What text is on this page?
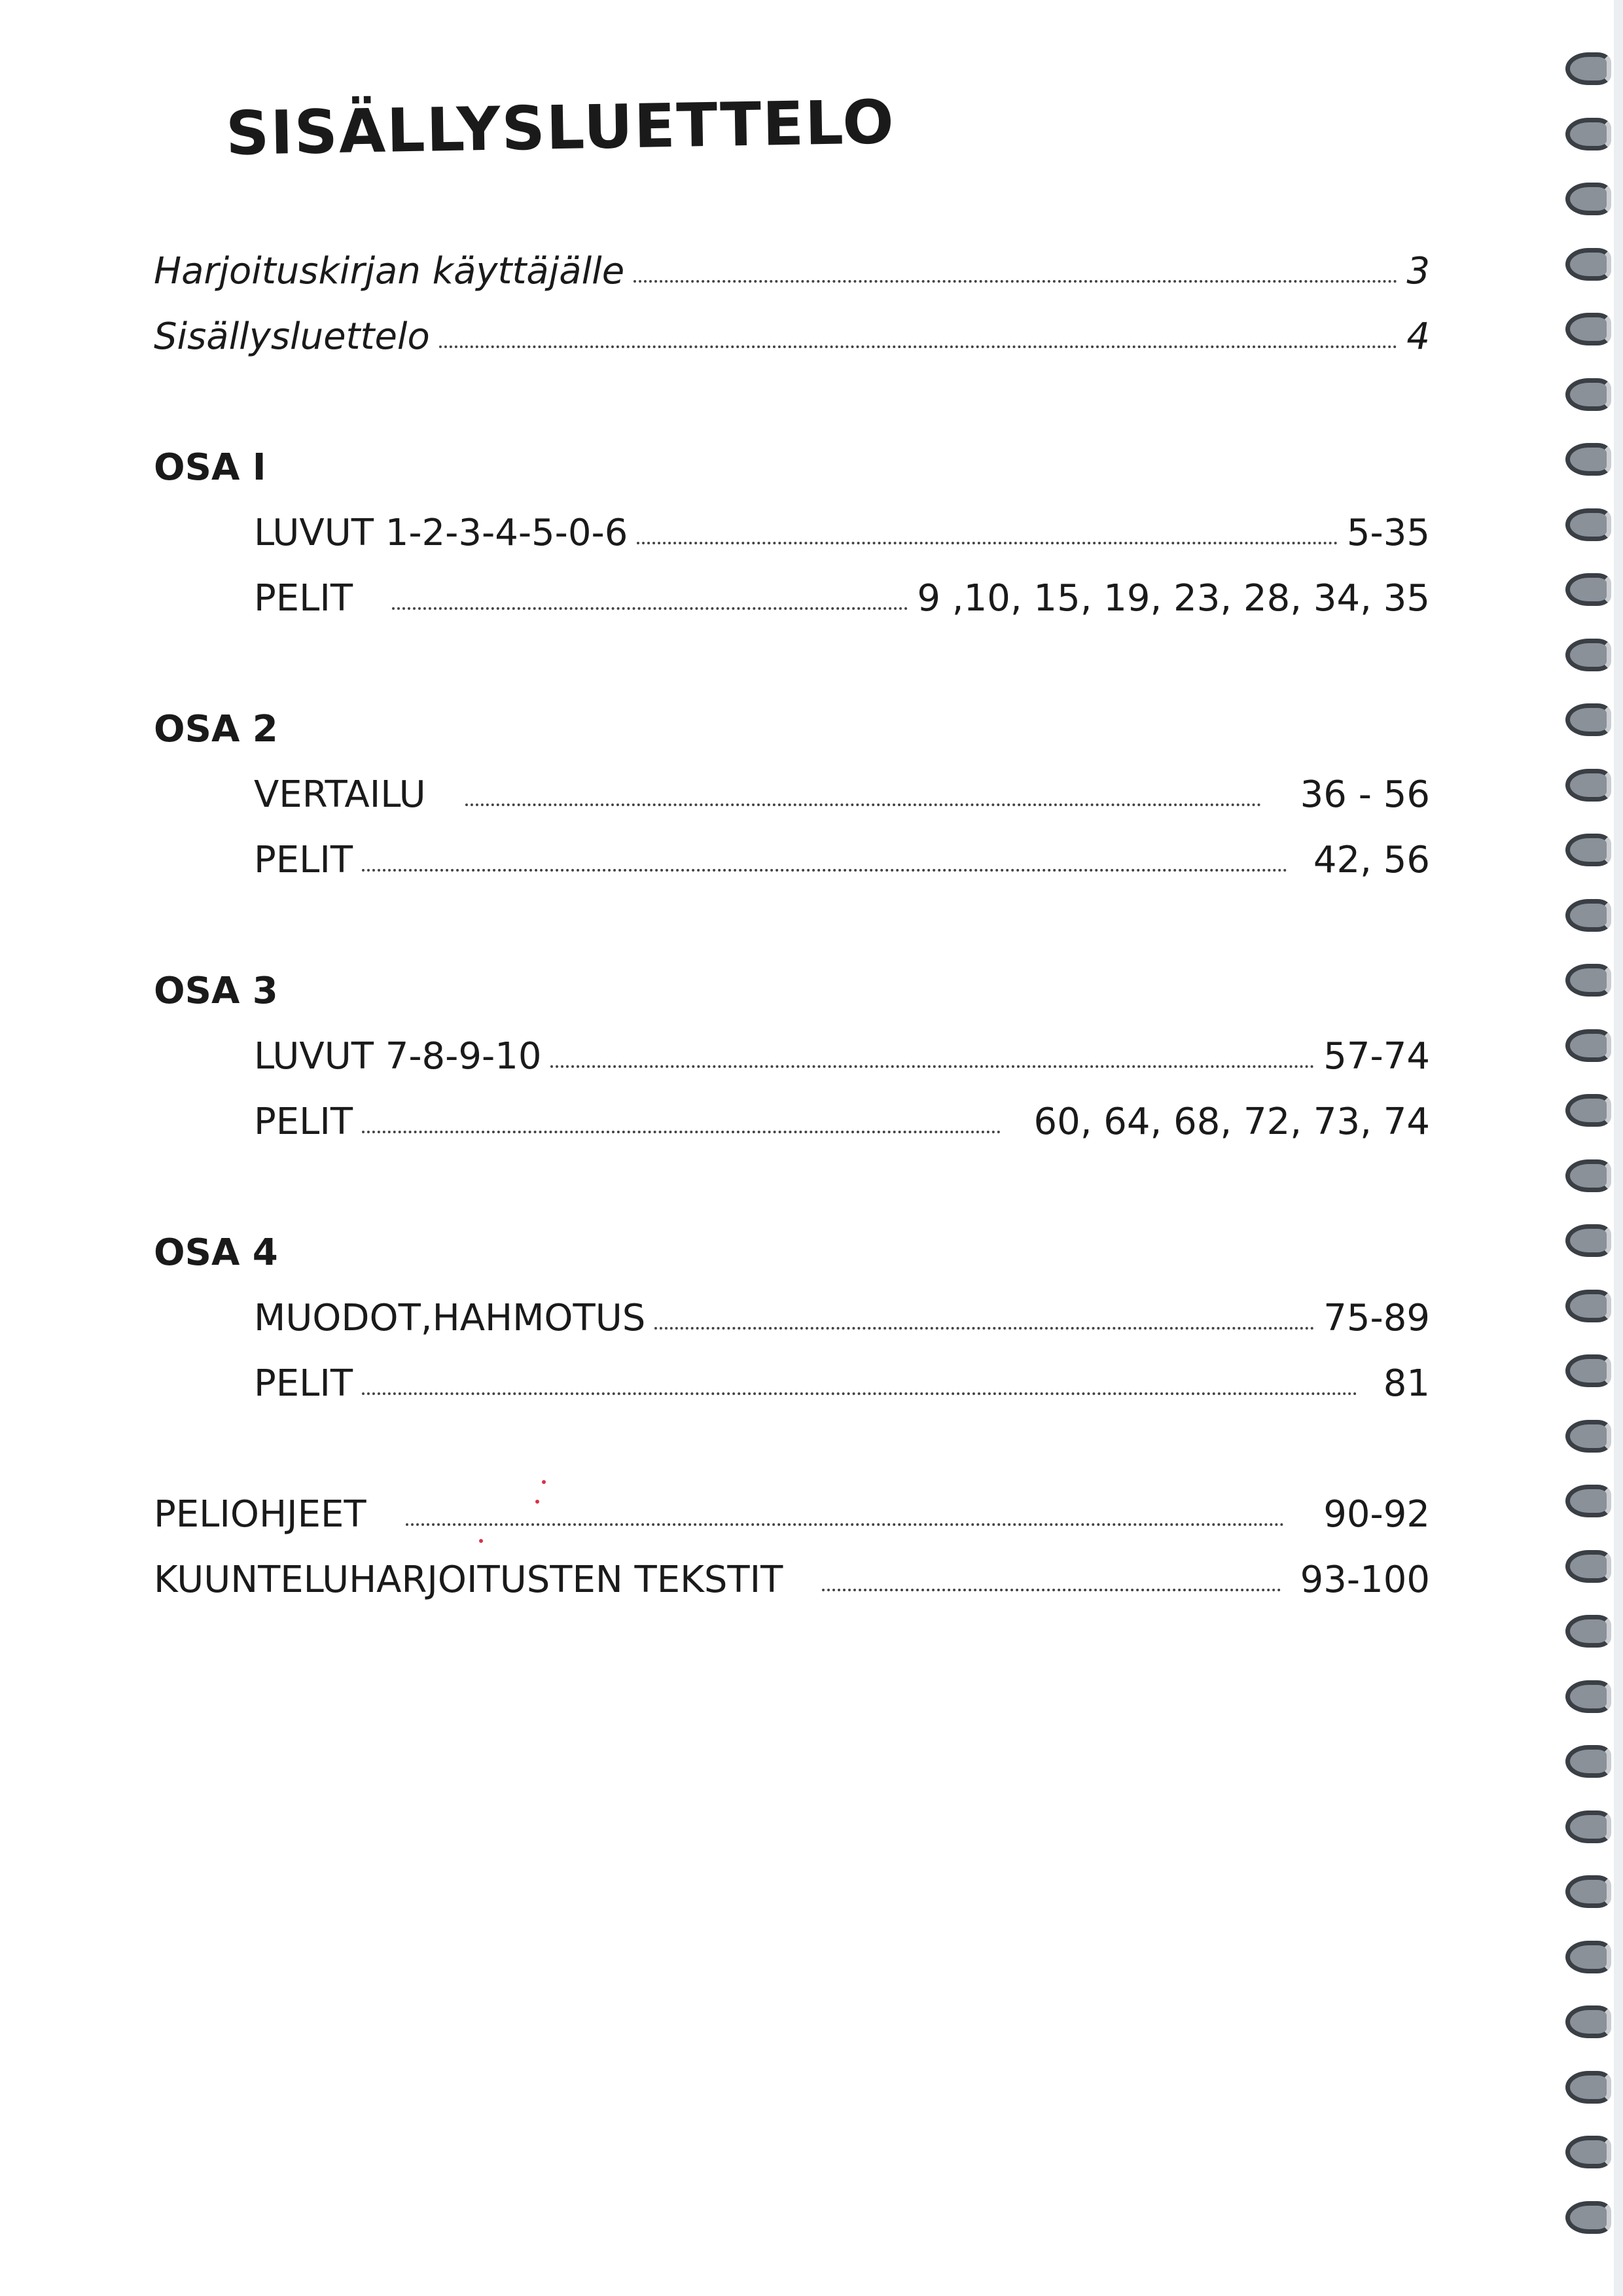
SISÄLLYSLUETTELO
Harjoituskirjan käyttäjälle	3
Sisällysluettelo	4
OSA I
LUVUT 1-2-3-4-5-0-6	5-35
PELIT	9 ,10, 15, 19, 23, 28, 34, 35
OSA 2
VERTAILU	36 - 56
PELIT	42, 56
OSA 3
LUVUT 7-8-9-10	57-74
PELIT	60, 64, 68, 72, 73, 74
OSA 4
MUODOT,HAHMOTUS	75-89
PELIT	81
PELIOHJEET	90-92
KUUNTELUHARJOITUSTEN TEKSTIT	93-100
